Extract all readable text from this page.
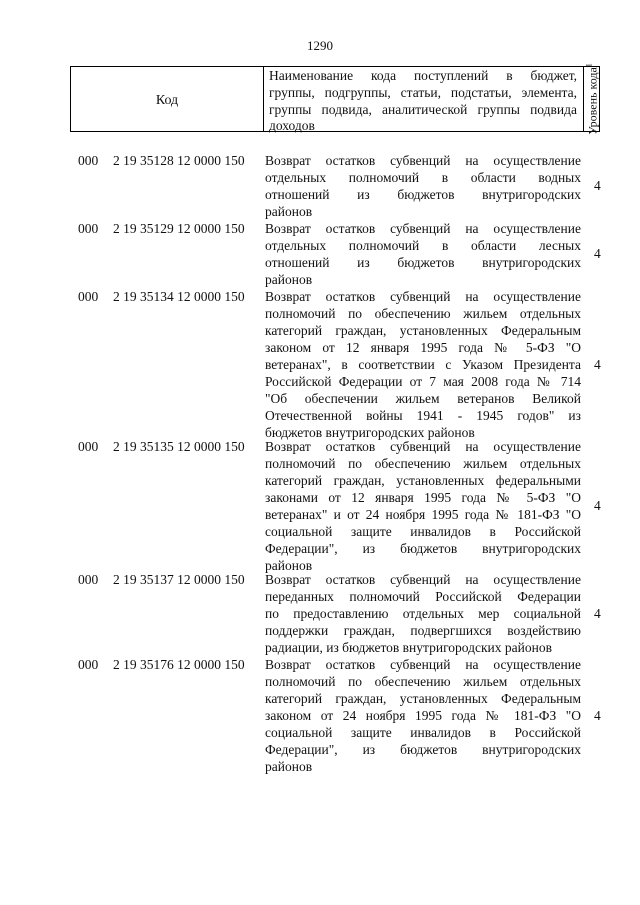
1290
Код
Наименование кода поступлений в бюджет,
группы, подгруппы, статьи, подстатьи, элемента,
группы подвида, аналитической группы подвида
доходов	Уровень кода$^1$
000 2 19 35128 12 0000 150 Возврат остатков субвенций на осуществление
отдельных полномочий в области водных
отношений из бюджетов внутригородских
районов
4
000 2 19 35129 12 0000 150 Возврат остатков субвенций на осуществление
отдельных полномочий в области лесных
отношений из бюджетов внутригородских
районов
4
000 2 19 35134 12 0000 150 Возврат остатков субвенций на осуществление
полномочий по обеспечению жильем отдельных
категорий граждан, установленных Федеральным
законом от 12 января 1995 года № 5-ФЗ "О
ветеранах", в соответствии с Указом Президента
Российской Федерации от 7 мая 2008 года № 714
"Об обеспечении жильем ветеранов Великой
Отечественной войны 1941 - 1945 годов" из
бюджетов внутригородских районов
4
000 2 19 35135 12 0000 150 Возврат остатков субвенций на осуществление
полномочий по обеспечению жильем отдельных
категорий граждан, установленных федеральными
законами от 12 января 1995 года № 5-ФЗ "О
ветеранах" и от 24 ноября 1995 года № 181-ФЗ "О
социальной защите инвалидов в Российской
Федерации", из бюджетов внутригородских
районов
4
000 2 19 35137 12 0000 150 Возврат остатков субвенций на осуществление
переданных полномочий Российской Федерации
по предоставлению отдельных мер социальной
поддержки граждан, подвергшихся воздействию
радиации, из бюджетов внутригородских районов
4
000 2 19 35176 12 0000 150 Возврат остатков субвенций на осуществление
полномочий по обеспечению жильем отдельных
категорий граждан, установленных Федеральным
законом от 24 ноября 1995 года № 181-ФЗ "О
социальной защите инвалидов в Российской
Федерации", из бюджетов внутригородских
районов
4
